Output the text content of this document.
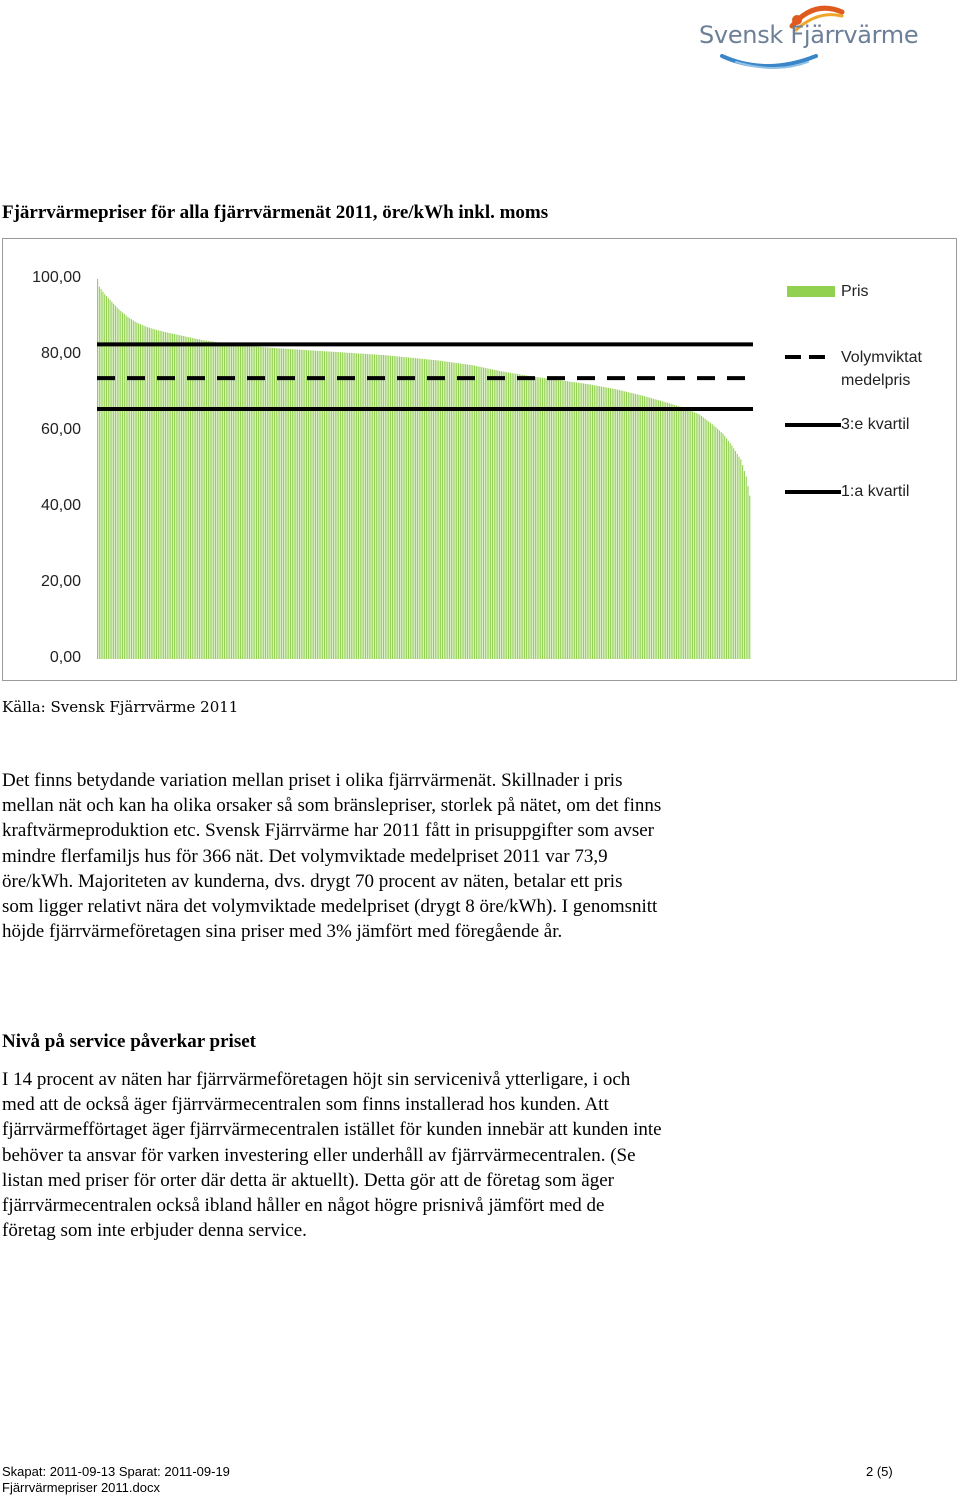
Svensk Fjärrvärme
Fjärrvärmepriser för alla fjärrvärmenät 2011, öre/kWh inkl. moms
100,00
80,00
60,00
40,00
20,00
0,00
Pris
Volymviktat
medelpris
3:e kvartil
1:a kvartil
Källa: Svensk Fjärrvärme 2011
Det finns betydande variation mellan priset i olika fjärrvärmenät. Skillnader i pris
mellan nät och kan ha olika orsaker så som bränslepriser, storlek på nätet, om det finns
kraftvärmeproduktion etc. Svensk Fjärrvärme har 2011 fått in prisuppgifter som avser
mindre flerfamiljs hus för 366 nät. Det volymviktade medelpriset 2011 var 73,9
öre/kWh. Majoriteten av kunderna, dvs. drygt 70 procent av näten, betalar ett pris
som ligger relativt nära det volymviktade medelpriset (drygt 8 öre/kWh). I genomsnitt
höjde fjärrvärmeföretagen sina priser med 3% jämfört med föregående år.
Nivå på service påverkar priset
I 14 procent av näten har fjärrvärmeföretagen höjt sin servicenivå ytterligare, i och
med att de också äger fjärrvärmecentralen som finns installerad hos kunden. Att
fjärrvärmefförtaget äger fjärrvärmecentralen istället för kunden innebär att kunden inte
behöver ta ansvar för varken investering eller underhåll av fjärrvärmecentralen. (Se
listan med priser för orter där detta är aktuellt). Detta gör att de företag som äger
fjärrvärmecentralen också ibland håller en något högre prisnivå jämfört med de
företag som inte erbjuder denna service.
Skapat: 2011-09-13 Sparat: 2011-09-19
Fjärrvärmepriser 2011.docx
2 (5)
